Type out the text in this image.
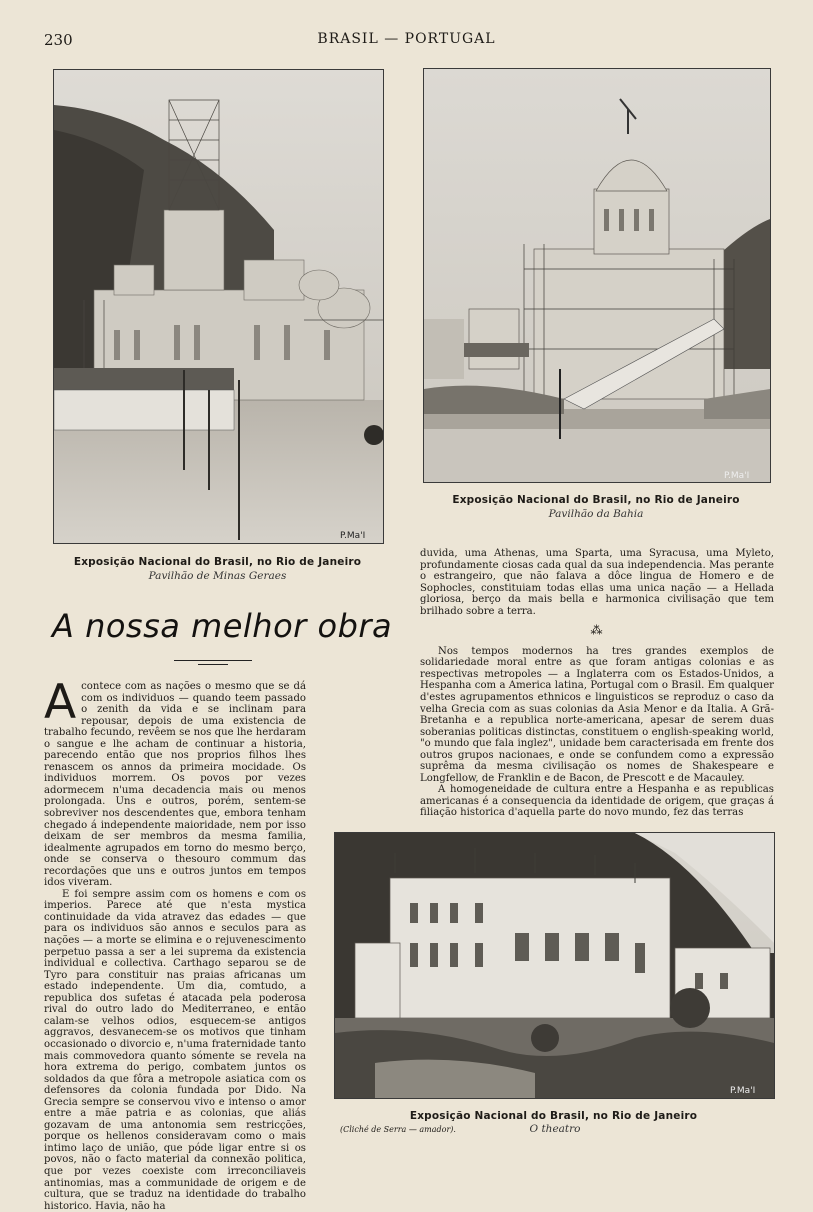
230	BRASIL — PORTUGAL
P.Ma'I
Exposição Nacional do Brasil, no Rio de Janeiro
Pavilhão de Minas Geraes
P.Ma'I
Exposição Nacional do Brasil, no Rio de Janeiro
Pavilhão da Bahia
A nossa melhor obra

Acontece com as nações o mesmo que se dá com os individuos — quando teem passado o zenith da vida e se inclinam para repousar, depois de uma existencia de trabalho fecundo, revêem se nos que lhe herdaram o sangue e lhe acham de continuar a historia, parecendo então que nos proprios filhos lhes renascem os annos da primeira mocidade. Os individuos morrem. Os povos por vezes adormecem n'uma decadencia mais ou menos prolongada. Uns e outros, porém, sentem-se sobreviver nos descendentes que, embora tenham chegado á independente maioridade, nem por isso deixam de ser membros da mesma familia, idealmente agrupados em torno do mesmo berço, onde se conserva o thesouro commum das recordações que uns e outros juntos em tempos idos viveram.

E foi sempre assim com os homens e com os imperios. Parece até que n'esta mystica continuidade da vida atravez das edades — que para os individuos são annos e seculos para as nações — a morte se elimina e o rejuvenescimento perpetuo passa a ser a lei suprema da existencia individual e collectiva. Carthago separou se de Tyro para constituir nas praias africanas um estado independente. Um dia, comtudo, a republica dos sufetas é atacada pela poderosa rival do outro lado do Mediterraneo, e então calam-se velhos odios, esquecem-se antigos aggravos, desvanecem-se os motivos que tinham occasionado o divorcio e, n'uma fraternidade tanto mais commovedora quanto sómente se revela na hora extrema do perigo, combatem juntos os soldados da que fôra a metropole asiatica com os defensores da colonia fundada por Dido. Na Grecia sempre se conservou vivo e intenso o amor entre a mãe patria e as colonias, que aliás gozavam de uma antonomia sem restricções, porque os hellenos consideravam como o mais intimo laço de união, que póde ligar entre si os povos, não o facto material da connexão politica, que por vezes coexiste com irreconciliaveis antinomias, mas a communidade de origem e de cultura, que se traduz na identidade do trabalho historico. Havia, não ha

duvida, uma Athenas, uma Sparta, uma Syracusa, uma Myleto, profundamente ciosas cada qual da sua independencia. Mas perante o estrangeiro, que não falava a dôce lingua de Homero e de Sophocles, constituiam todas ellas uma unica nação — a Hellada gloriosa, berço da mais bella e harmonica civilisação que tem brilhado sobre a terra.

⁂

Nos tempos modernos ha tres grandes exemplos de solidariedade moral entre as que foram antigas colonias e as respectivas metropoles — a Inglaterra com os Estados-Unidos, a Hespanha com a America latina, Portugal com o Brasil. Em qualquer d'estes agrupamentos ethnicos e linguisticos se reproduz o caso da velha Grecia com as suas colonias da Asia Menor e da Italia. A Grã-Bretanha e a republica norte-americana, apesar de serem duas soberanias politicas distinctas, constituem o english-speaking world, "o mundo que fala inglez", unidade bem caracterisada em frente dos outros grupos nacionaes, e onde se confundem como a expressão suprêma da mesma civilisação os nomes de Shakespeare e Longfellow, de Franklin e de Bacon, de Prescott e de Macauley.

A homogeneidade de cultura entre a Hespanha e as republicas americanas é a consequencia da identidade de origem, que graças á filiação historica d'aquella parte do novo mundo, fez das terras

P.Ma'I
Exposição Nacional do Brasil, no Rio de Janeiro
(Cliché de Serra — amador).	O theatro
